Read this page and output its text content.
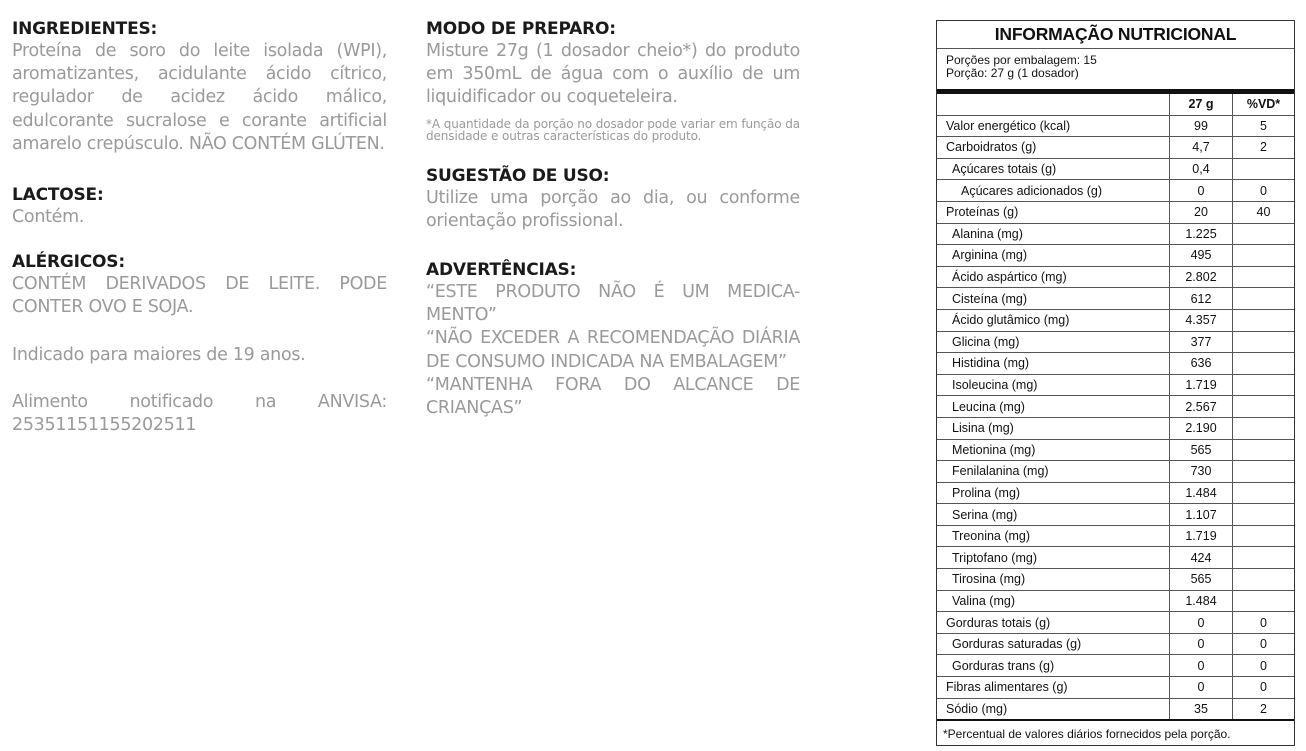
INGREDIENTES:

Proteína de soro do leite isolada (WPI), aromatizantes, acidulante ácido cítrico, regulador de acidez ácido málico, edulcorante sucralose e corante artificial amarelo crepúsculo. NÃO CONTÉM GLÚTEN.

LACTOSE:

Contém.

ALÉRGICOS:

CONTÉM DERIVADOS DE LEITE. PODE CONTER OVO E SOJA.

Indicado para maiores de 19 anos.

Alimento notificado na ANVISA:

25351151155202511

MODO DE PREPARO:

Misture 27g (1 dosador cheio*) do produto em 350mL de água com o auxílio de um liquidificador ou coqueteleira.

*A quantidade da porção no dosador pode variar em função da densidade e outras características do produto.

SUGESTÃO DE USO:

Utilize uma porção ao dia, ou conforme orientação profissional.

ADVERTÊNCIAS:

“ESTE PRODUTO NÃO É UM MEDICA-MENTO”

“NÃO EXCEDER A RECOMENDAÇÃO DIÁRIA DE CONSUMO INDICADA NA EMBALAGEM”

“MANTENHA FORA DO ALCANCE DE CRIANÇAS”

INFORMAÇÃO NUTRICIONAL
Porções por embalagem: 15
Porção: 27 g (1 dosador)
	27 g	%VD*
Valor energético (kcal)	99	5
Carboidratos (g)	4,7	2
Açúcares totais (g)	0,4	
Açúcares adicionados (g)	0	0
Proteínas (g)	20	40
Alanina (mg)	1.225	
Arginina (mg)	495	
Ácido aspártico (mg)	2.802	
Cisteína (mg)	612	
Ácido glutâmico (mg)	4.357	
Glicina (mg)	377	
Histidina (mg)	636	
Isoleucina (mg)	1.719	
Leucina (mg)	2.567	
Lisina (mg)	2.190	
Metionina (mg)	565	
Fenilalanina (mg)	730	
Prolina (mg)	1.484	
Serina (mg)	1.107	
Treonina (mg)	1.719	
Triptofano (mg)	424	
Tirosina (mg)	565	
Valina (mg)	1.484	
Gorduras totais (g)	0	0
Gorduras saturadas (g)	0	0
Gorduras trans (g)	0	0
Fibras alimentares (g)	0	0
Sódio (mg)	35	2
*Percentual de valores diários fornecidos pela porção.
